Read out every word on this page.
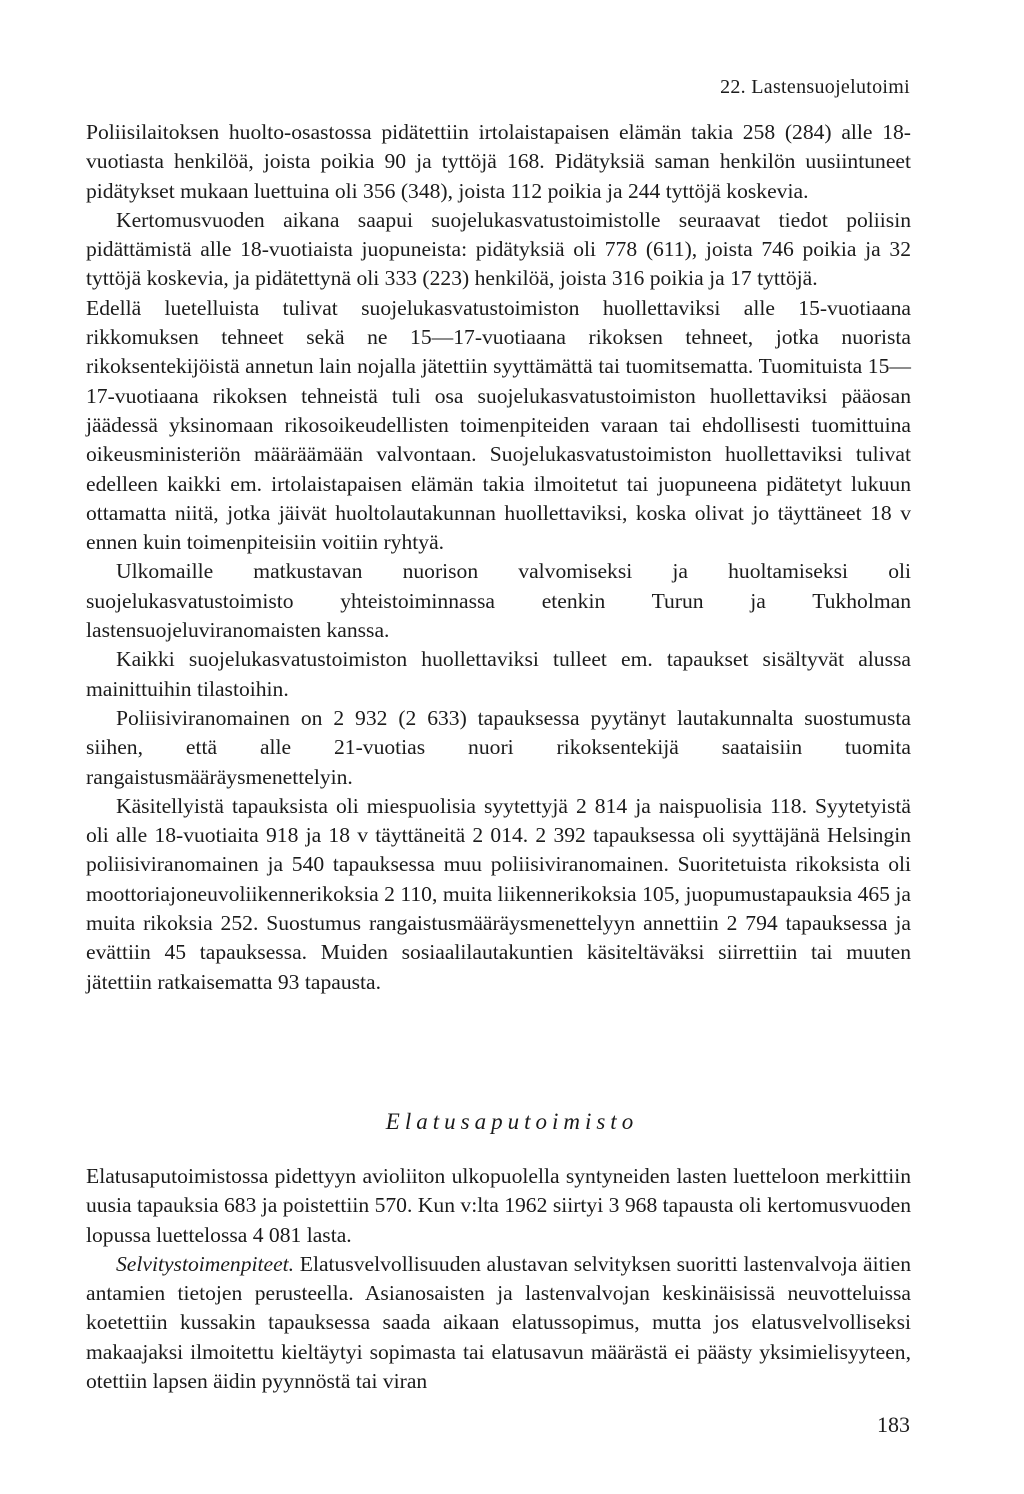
22. Lastensuojelutoimi

Poliisilaitoksen huolto-osastossa pidätettiin irtolaistapaisen elämän takia 258 (284) alle 18-vuotiasta henkilöä, joista poikia 90 ja tyttöjä 168. Pidätyksiä saman henkilön uusiintuneet pidätykset mukaan luettuina oli 356 (348), joista 112 poikia ja 244 tyttöjä koskevia.

Kertomusvuoden aikana saapui suojelukasvatustoimistolle seuraavat tiedot poliisin pidättämistä alle 18-vuotiaista juopuneista: pidätyksiä oli 778 (611), joista 746 poikia ja 32 tyttöjä koskevia, ja pidätettynä oli 333 (223) henkilöä, joista 316 poikia ja 17 tyttöjä.

Edellä luetelluista tulivat suojelukasvatustoimiston huollettaviksi alle 15-vuotiaana rikkomuksen tehneet sekä ne 15—17-vuotiaana rikoksen tehneet, jotka nuorista rikoksentekijöistä annetun lain nojalla jätettiin syyttämättä tai tuomitsematta. Tuomituista 15—17-vuotiaana rikoksen tehneistä tuli osa suojelukasvatustoimiston huollettaviksi pääosan jäädessä yksinomaan rikosoikeudellisten toimenpiteiden varaan tai ehdollisesti tuomittuina oikeusministeriön määräämään valvontaan. Suojelukasvatustoimiston huollettaviksi tulivat edelleen kaikki em. irtolaistapaisen elämän takia ilmoitetut tai juopuneena pidätetyt lukuun ottamatta niitä, jotka jäivät huoltolautakunnan huollettaviksi, koska olivat jo täyttäneet 18 v ennen kuin toimenpiteisiin voitiin ryhtyä.

Ulkomaille matkustavan nuorison valvomiseksi ja huoltamiseksi oli suojelukasvatustoimisto yhteistoiminnassa etenkin Turun ja Tukholman lastensuojeluviranomaisten kanssa.

Kaikki suojelukasvatustoimiston huollettaviksi tulleet em. tapaukset sisältyvät alussa mainittuihin tilastoihin.

Poliisiviranomainen on 2 932 (2 633) tapauksessa pyytänyt lautakunnalta suostumusta siihen, että alle 21-vuotias nuori rikoksentekijä saataisiin tuomita rangaistusmääräysmenettelyin.

Käsitellyistä tapauksista oli miespuolisia syytettyjä 2 814 ja naispuolisia 118. Syytetyistä oli alle 18-vuotiaita 918 ja 18 v täyttäneitä 2 014. 2 392 tapauksessa oli syyttäjänä Helsingin poliisiviranomainen ja 540 tapauksessa muu poliisiviranomainen. Suoritetuista rikoksista oli moottoriajoneuvoliikennerikoksia 2 110, muita liikennerikoksia 105, juopumustapauksia 465 ja muita rikoksia 252. Suostumus rangaistusmääräysmenettelyyn annettiin 2 794 tapauksessa ja evättiin 45 tapauksessa. Muiden sosiaalilautakuntien käsiteltäväksi siirrettiin tai muuten jätettiin ratkaisematta 93 tapausta.

Elatusaputoimisto

Elatusaputoimistossa pidettyyn avioliiton ulkopuolella syntyneiden lasten luetteloon merkittiin uusia tapauksia 683 ja poistettiin 570. Kun v:lta 1962 siirtyi 3 968 tapausta oli kertomusvuoden lopussa luettelossa 4 081 lasta.

Selvitystoimenpiteet. Elatusvelvollisuuden alustavan selvityksen suoritti lastenvalvoja äitien antamien tietojen perusteella. Asianosaisten ja lastenvalvojan keskinäisissä neuvotteluissa koetettiin kussakin tapauksessa saada aikaan elatussopimus, mutta jos elatusvelvolliseksi makaajaksi ilmoitettu kieltäytyi sopimasta tai elatusavun määrästä ei päästy yksimielisyyteen, otettiin lapsen äidin pyynnöstä tai viran

183
